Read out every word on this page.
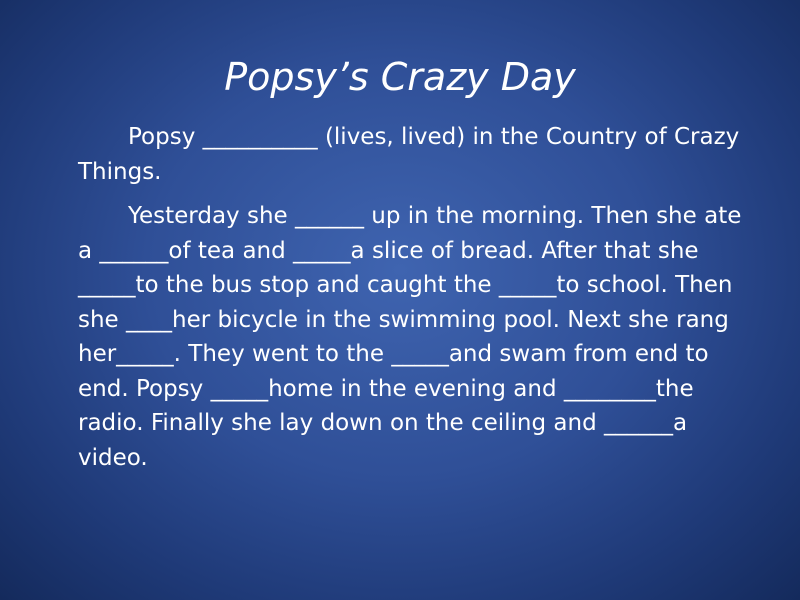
Popsy’s Crazy Day

Popsy __________ (lives, lived) in the Country of Crazy Things.

Yesterday she ______ up in the morning. Then she ate a ______of tea and _____a slice of bread. After that she _____to the bus stop and caught the _____to school. Then she ____her bicycle in the swimming pool. Next she rang her_____. They went to the _____and swam from end to end. Popsy _____home in the evening and ________the radio. Finally she lay down on the ceiling and ______a video.
